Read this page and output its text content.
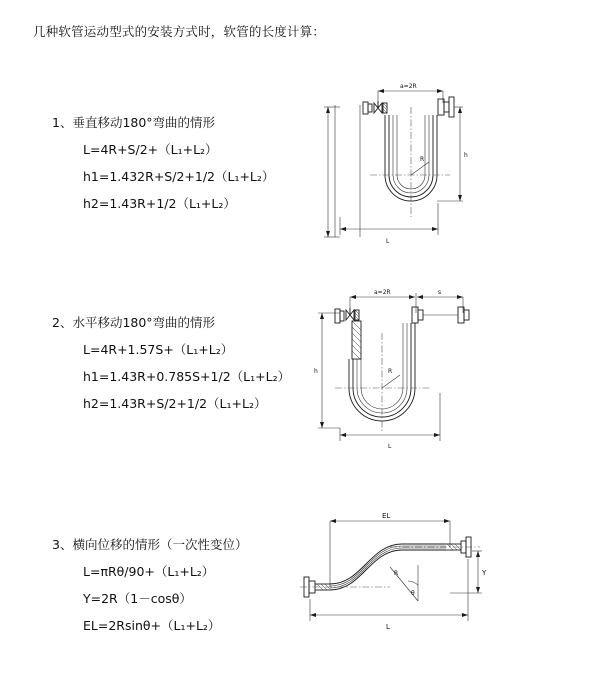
几种软管运动型式的安装方式时，软管的长度计算：
1、垂直移动180°弯曲的情形
L=4R+S/2+（L₁+L₂）
h1=1.432R+S/2+1/2（L₁+L₂）
h2=1.43R+1/2（L₁+L₂）
a=2R
R
h
L
2、水平移动180°弯曲的情形
L=4R+1.57S+（L₁+L₂）
h1=1.43R+0.785S+1/2（L₁+L₂）
h2=1.43R+S/2+1/2（L₁+L₂）
a=2R	s
h	R
L
3、横向位移的情形（一次性变位）
L=πRθ/90+（L₁+L₂）
Y=2R（1－cosθ）
EL=2Rsinθ+（L₁+L₂）
EL
θ
R	Y
L
